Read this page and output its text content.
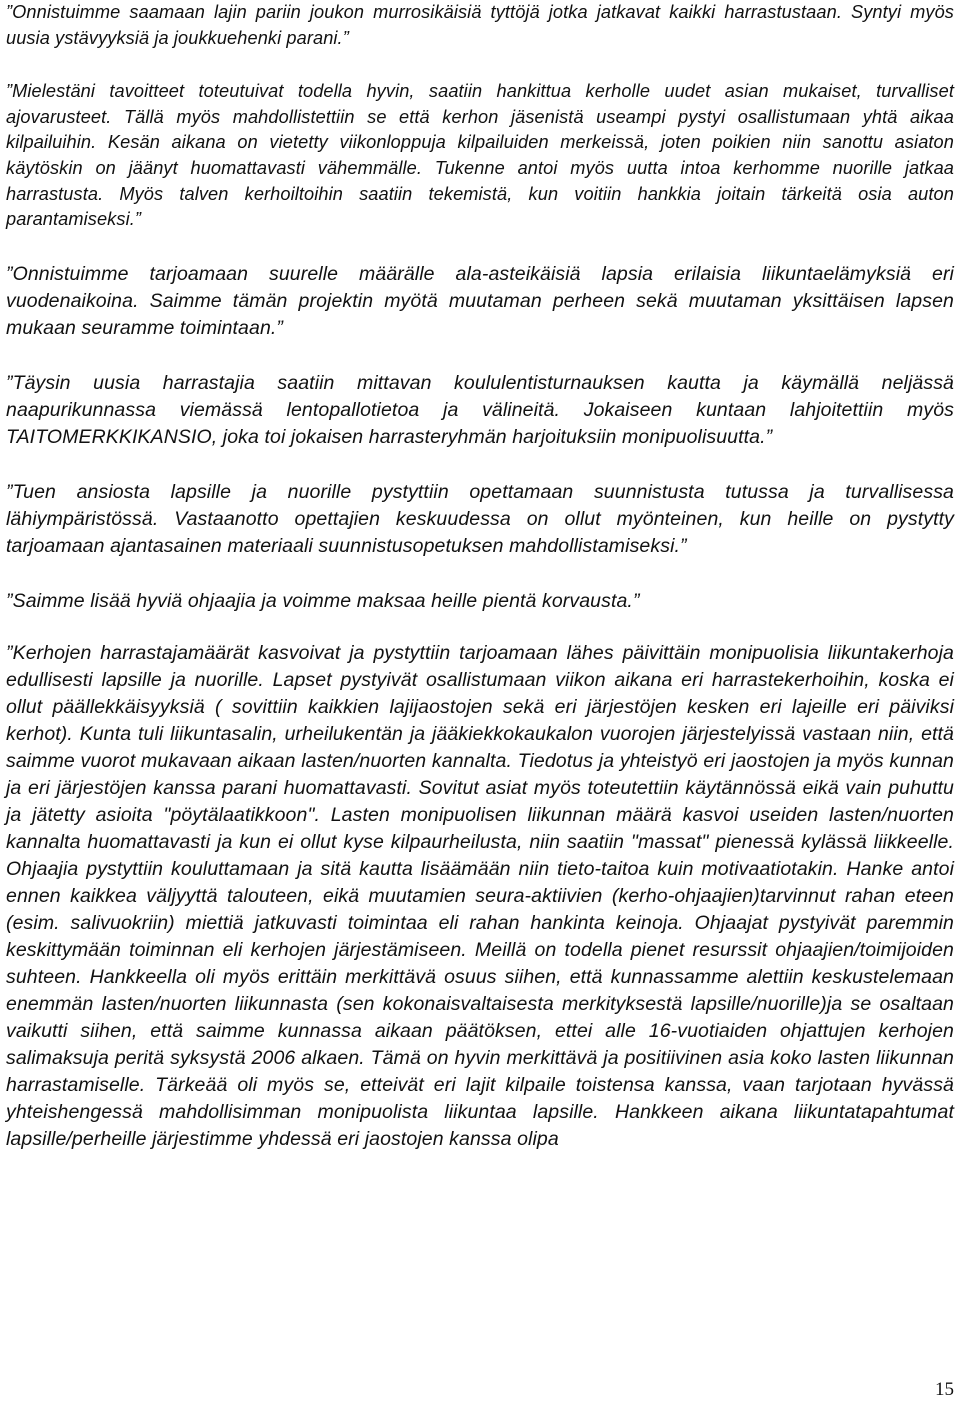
”Onnistuimme saamaan lajin pariin joukon murrosikäisiä tyttöjä jotka jatkavat kaikki harrastustaan. Syntyi myös uusia ystävyyksiä ja joukkuehenki parani.”

”Mielestäni tavoitteet toteutuivat todella hyvin, saatiin hankittua kerholle uudet asian mukaiset, turvalliset ajovarusteet. Tällä myös mahdollistettiin se että kerhon jäsenistä useampi pystyi osallistumaan yhtä aikaa kilpailuihin. Kesän aikana on vietetty viikonloppuja kilpailuiden merkeissä, joten poikien niin sanottu asiaton käytöskin on jäänyt huomattavasti vähemmälle. Tukenne antoi myös uutta intoa kerhomme nuorille jatkaa harrastusta. Myös talven kerhoiltoihin saatiin tekemistä, kun voitiin hankkia joitain tärkeitä osia auton parantamiseksi.”

”Onnistuimme tarjoamaan suurelle määrälle ala-asteikäisiä lapsia erilaisia liikuntaelämyksiä eri vuodenaikoina. Saimme tämän projektin myötä muutaman perheen sekä muutaman yksittäisen lapsen mukaan seuramme toimintaan.”

”Täysin uusia harrastajia saatiin mittavan koululentisturnauksen kautta ja käymällä neljässä naapurikunnassa viemässä lentopallotietoa ja välineitä. Jokaiseen kuntaan lahjoitettiin myös TAITOMERKKIKANSIO, joka toi jokaisen harrasteryhmän harjoituksiin monipuolisuutta.”

”Tuen ansiosta lapsille ja nuorille pystyttiin opettamaan suunnistusta tutussa ja turvallisessa lähiympäristössä. Vastaanotto opettajien keskuudessa on ollut myönteinen, kun heille on pystytty tarjoamaan ajantasainen materiaali suunnistusopetuksen mahdollistamiseksi.”

”Saimme lisää hyviä ohjaajia ja voimme maksaa heille pientä korvausta.”

”Kerhojen harrastajamäärät kasvoivat ja pystyttiin tarjoamaan lähes päivittäin monipuolisia liikuntakerhoja edullisesti lapsille ja nuorille. Lapset pystyivät osallistumaan viikon aikana eri harrastekerhoihin, koska ei ollut päällekkäisyyksiä ( sovittiin kaikkien lajijaostojen sekä eri järjestöjen kesken eri lajeille eri päiviksi kerhot). Kunta tuli liikuntasalin, urheilukentän ja jääkiekkokaukalon vuorojen järjestelyissä vastaan niin, että saimme vuorot mukavaan aikaan lasten/nuorten kannalta. Tiedotus ja yhteistyö eri jaostojen ja myös kunnan ja eri järjestöjen kanssa parani huomattavasti. Sovitut asiat myös toteutettiin käytännössä eikä vain puhuttu ja jätetty asioita "pöytälaatikkoon". Lasten monipuolisen liikunnan määrä kasvoi useiden lasten/nuorten kannalta huomattavasti ja kun ei ollut kyse kilpaurheilusta, niin saatiin "massat" pienessä kylässä liikkeelle. Ohjaajia pystyttiin kouluttamaan ja sitä kautta lisäämään niin tieto-taitoa kuin motivaatiotakin. Hanke antoi ennen kaikkea väljyyttä talouteen, eikä muutamien seura-aktiivien (kerho-ohjaajien)tarvinnut rahan eteen (esim. salivuokriin) miettiä jatkuvasti toimintaa eli rahan hankinta keinoja. Ohjaajat pystyivät paremmin keskittymään toiminnan eli kerhojen järjestämiseen. Meillä on todella pienet resurssit ohjaajien/toimijoiden suhteen. Hankkeella oli myös erittäin merkittävä osuus siihen, että kunnassamme alettiin keskustelemaan enemmän lasten/nuorten liikunnasta (sen kokonaisvaltaisesta merkityksestä lapsille/nuorille)ja se osaltaan vaikutti siihen, että saimme kunnassa aikaan päätöksen, ettei alle 16-vuotiaiden ohjattujen kerhojen salimaksuja peritä syksystä 2006 alkaen. Tämä on hyvin merkittävä ja positiivinen asia koko lasten liikunnan harrastamiselle. Tärkeää oli myös se, etteivät eri lajit kilpaile toistensa kanssa, vaan tarjotaan hyvässä yhteishengessä mahdollisimman monipuolista liikuntaa lapsille. Hankkeen aikana liikuntatapahtumat lapsille/perheille järjestimme yhdessä eri jaostojen kanssa olipa

15
